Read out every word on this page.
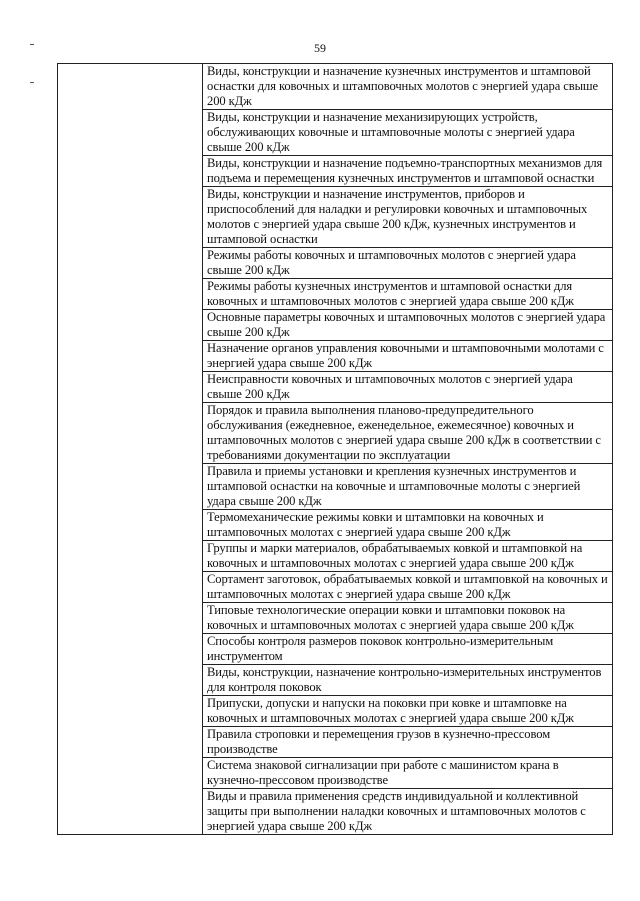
59

Виды, конструкции и назначение кузнечных инструментов и штамповой оснастки для ковочных и штамповочных молотов с энергией удара свыше 200 кДж

Виды, конструкции и назначение механизирующих устройств, обслуживающих ковочные и штамповочные молоты с энергией удара свыше 200 кДж

Виды, конструкции и назначение подъемно-транспортных механизмов для подъема и перемещения кузнечных инструментов и штамповой оснастки

Виды, конструкции и назначение инструментов, приборов и приспособлений для наладки и регулировки ковочных и штамповочных молотов с энергией удара свыше 200 кДж, кузнечных инструментов и штамповой оснастки

Режимы работы ковочных и штамповочных молотов с энергией удара свыше 200 кДж

Режимы работы кузнечных инструментов и штамповой оснастки для ковочных и штамповочных молотов с энергией удара свыше 200 кДж

Основные параметры ковочных и штамповочных молотов с энергией удара свыше 200 кДж

Назначение органов управления ковочными и штамповочными молотами с энергией удара свыше 200 кДж

Неисправности ковочных и штамповочных молотов с энергией удара свыше 200 кДж

Порядок и правила выполнения планово-предупредительного обслуживания (ежедневное, еженедельное, ежемесячное) ковочных и штамповочных молотов с энергией удара свыше 200 кДж в соответствии с требованиями документации по эксплуатации

Правила и приемы установки и крепления кузнечных инструментов и штамповой оснастки на ковочные и штамповочные молоты с энергией удара свыше 200 кДж

Термомеханические режимы ковки и штамповки на ковочных и штамповочных молотах с энергией удара свыше 200 кДж

Группы и марки материалов, обрабатываемых ковкой и штамповкой на ковочных и штамповочных молотах с энергией удара свыше 200 кДж

Сортамент заготовок, обрабатываемых ковкой и штамповкой на ковочных и штамповочных молотах с энергией удара свыше 200 кДж

Типовые технологические операции ковки и штамповки поковок на ковочных и штамповочных молотах с энергией удара свыше 200 кДж

Способы контроля размеров поковок контрольно-измерительным инструментом

Виды, конструкции, назначение контрольно-измерительных инструментов для контроля поковок

Припуски, допуски и напуски на поковки при ковке и штамповке на ковочных и штамповочных молотах с энергией удара свыше 200 кДж

Правила строповки и перемещения грузов в кузнечно-прессовом производстве

Система знаковой сигнализации при работе с машинистом крана в кузнечно-прессовом производстве

Виды и правила применения средств индивидуальной и коллективной защиты при выполнении наладки ковочных и штамповочных молотов с энергией удара свыше 200 кДж
